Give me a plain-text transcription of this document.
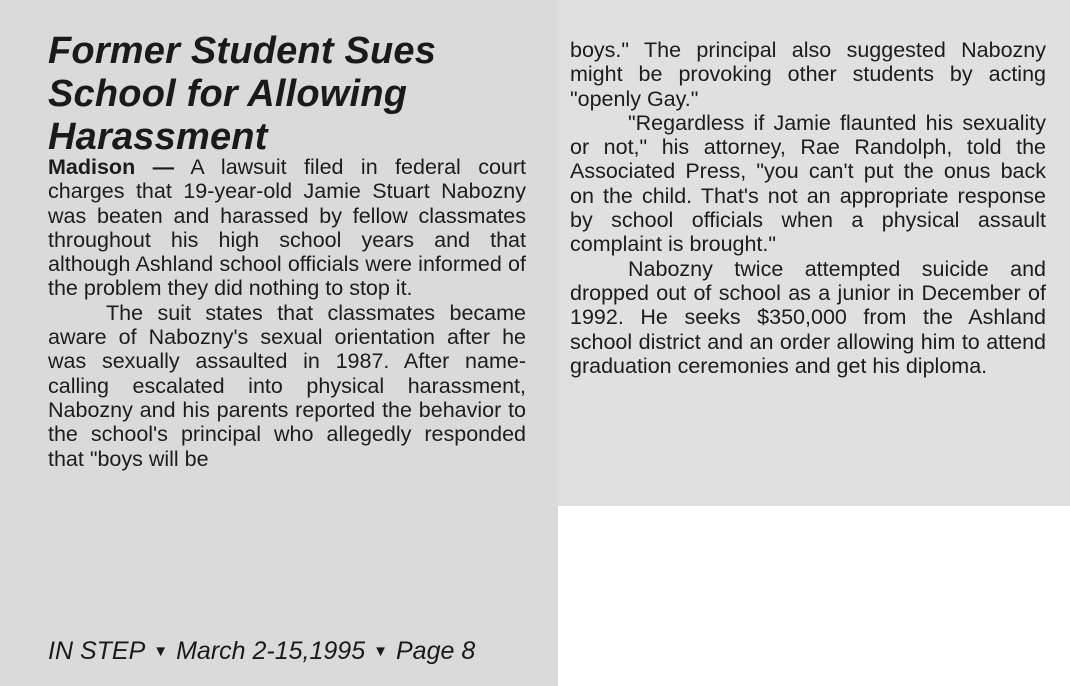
Former Student Sues School for Allowing Harassment

Madison — A lawsuit filed in federal court charges that 19-year-old Jamie Stuart Nabozny was beaten and harassed by fellow classmates throughout his high school years and that although Ashland school officials were informed of the problem they did nothing to stop it.

The suit states that classmates became aware of Nabozny's sexual orientation after he was sexually assaulted in 1987. After name- calling escalated into physical harassment, Nabozny and his parents reported the behavior to the school's principal who allegedly responded that "boys will be

IN STEP ▼ March 2-15,1995 ▼ Page 8

boys." The principal also suggested Nabozny might be provoking other students by acting "openly Gay."

"Regardless if Jamie flaunted his sexuality or not," his attorney, Rae Randolph, told the Associated Press, "you can't put the onus back on the child. That's not an appropriate response by school officials when a physical assault complaint is brought."

Nabozny twice attempted suicide and dropped out of school as a junior in December of 1992. He seeks $350,000 from the Ashland school district and an order allowing him to attend graduation ceremonies and get his diploma.
